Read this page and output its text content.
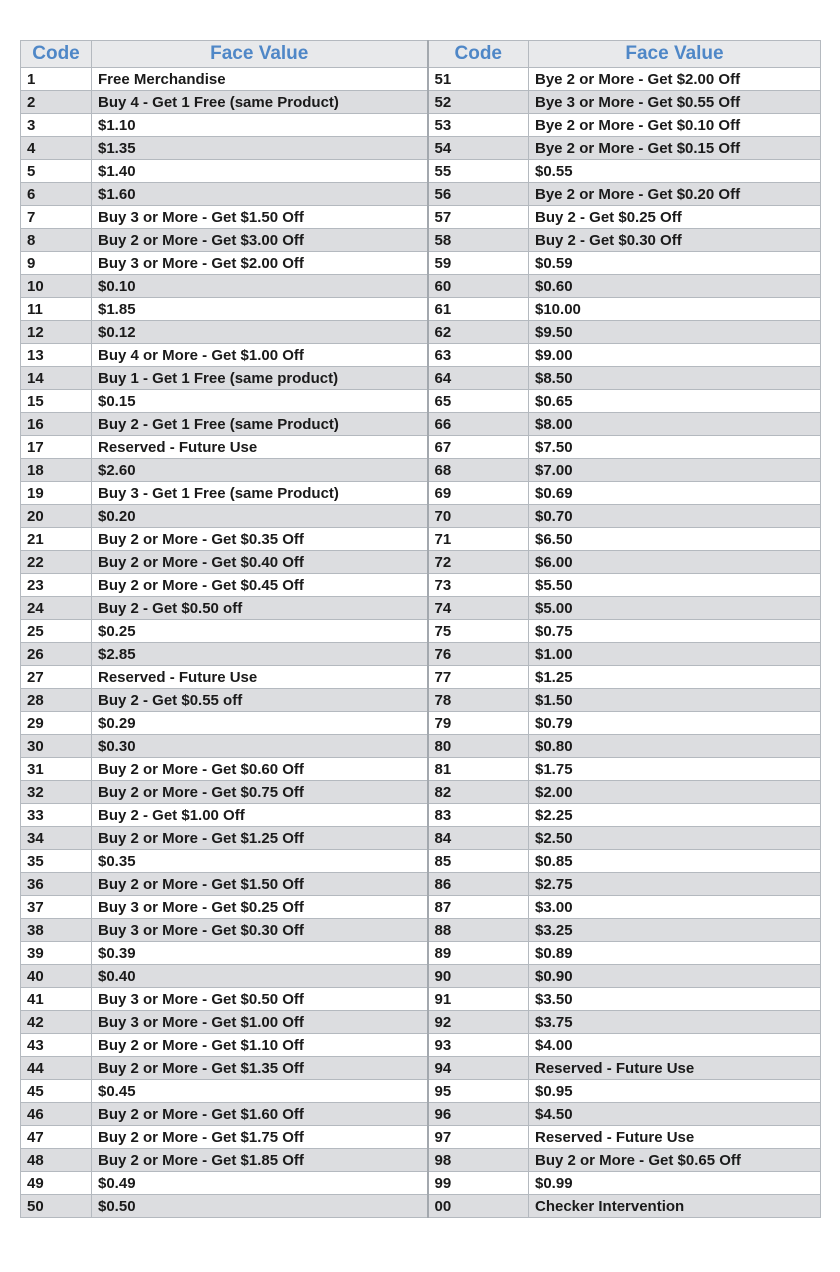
Code	Face Value	Code	Face Value
1	Free Merchandise	51	Bye 2 or More - Get $2.00 Off
2	Buy 4 - Get 1 Free (same Product)	52	Bye 3 or More - Get $0.55 Off
3	$1.10	53	Bye 2 or More - Get $0.10 Off
4	$1.35	54	Bye 2 or More - Get $0.15 Off
5	$1.40	55	$0.55
6	$1.60	56	Bye 2 or More - Get $0.20 Off
7	Buy 3 or More - Get $1.50 Off	57	Buy 2 - Get $0.25 Off
8	Buy 2 or More - Get $3.00 Off	58	Buy 2 - Get $0.30 Off
9	Buy 3 or More - Get $2.00 Off	59	$0.59
10	$0.10	60	$0.60
11	$1.85	61	$10.00
12	$0.12	62	$9.50
13	Buy 4 or More - Get $1.00 Off	63	$9.00
14	Buy 1 - Get 1 Free (same product)	64	$8.50
15	$0.15	65	$0.65
16	Buy 2 - Get 1 Free (same Product)	66	$8.00
17	Reserved - Future Use	67	$7.50
18	$2.60	68	$7.00
19	Buy 3 - Get 1 Free (same Product)	69	$0.69
20	$0.20	70	$0.70
21	Buy 2 or More - Get $0.35 Off	71	$6.50
22	Buy 2 or More - Get $0.40 Off	72	$6.00
23	Buy 2 or More - Get $0.45 Off	73	$5.50
24	Buy 2 - Get $0.50 off	74	$5.00
25	$0.25	75	$0.75
26	$2.85	76	$1.00
27	Reserved - Future Use	77	$1.25
28	Buy 2 - Get $0.55 off	78	$1.50
29	$0.29	79	$0.79
30	$0.30	80	$0.80
31	Buy 2 or More - Get $0.60 Off	81	$1.75
32	Buy 2 or More - Get $0.75 Off	82	$2.00
33	Buy 2 - Get $1.00 Off	83	$2.25
34	Buy 2 or More - Get $1.25 Off	84	$2.50
35	$0.35	85	$0.85
36	Buy 2 or More - Get $1.50 Off	86	$2.75
37	Buy 3 or More - Get $0.25 Off	87	$3.00
38	Buy 3 or More - Get $0.30 Off	88	$3.25
39	$0.39	89	$0.89
40	$0.40	90	$0.90
41	Buy 3 or More - Get $0.50 Off	91	$3.50
42	Buy 3 or More - Get $1.00 Off	92	$3.75
43	Buy 2 or More - Get $1.10 Off	93	$4.00
44	Buy 2 or More - Get $1.35 Off	94	Reserved - Future Use
45	$0.45	95	$0.95
46	Buy 2 or More - Get $1.60 Off	96	$4.50
47	Buy 2 or More - Get $1.75 Off	97	Reserved - Future Use
48	Buy 2 or More - Get $1.85 Off	98	Buy 2 or More - Get $0.65 Off
49	$0.49	99	$0.99
50	$0.50	00	Checker Intervention
